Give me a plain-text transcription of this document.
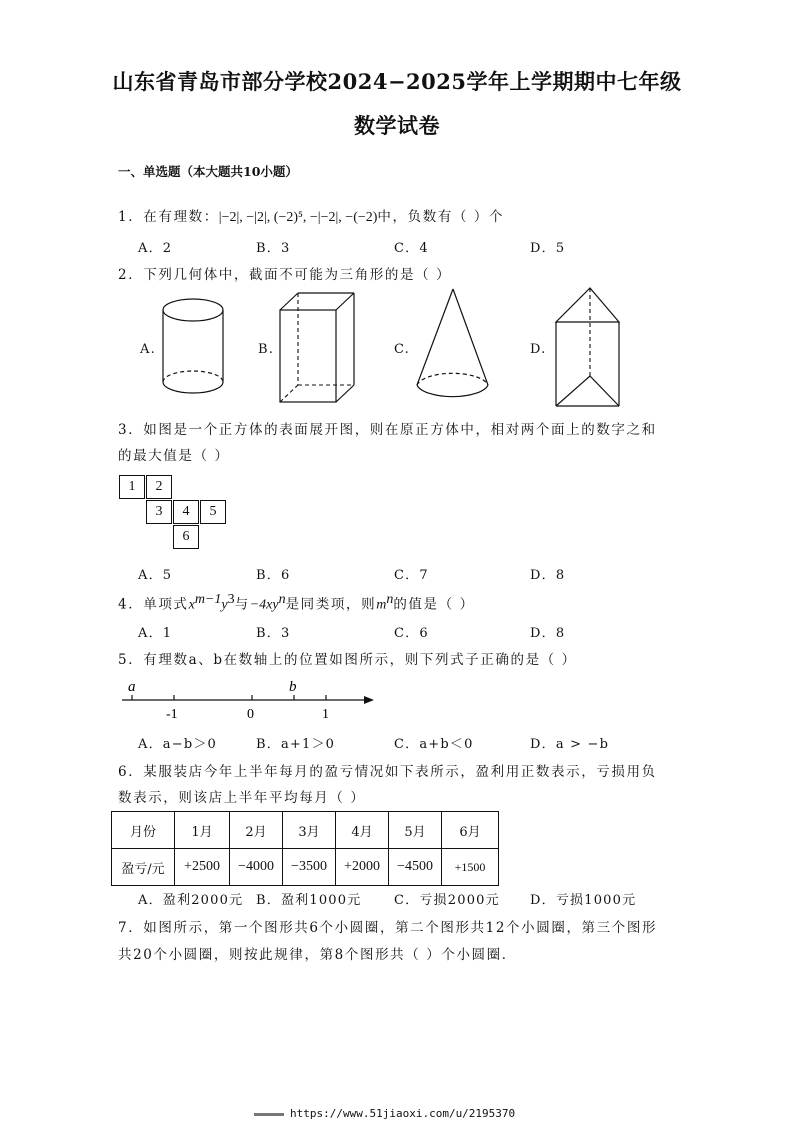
山东省青岛市部分学校2024−2025学年上学期期中七年级
数学试卷
一、单选题（本大题共10小题）
1．在有理数：|−2|, −|2|, (−2)⁵, −|−2|, −(−2)中，负数有（ ）个
A．2	B．3	C．4	D．5
2．下列几何体中，截面不可能为三角形的是（ ）
A.	B.	C.	D.
3．如图是一个正方体的表面展开图，则在原正方体中，相对两个面上的数字之和
的最大值是（ ）
1	2
3	4	5
6
A．5	B．6	C．7	D．8
4．单项式$x^{m-1}y^3$与$-4xy^n$是同类项，则$m^n$的值是（ ）
A．1	B．3	C．6	D．8
5．有理数a、b在数轴上的位置如图所示，则下列式子正确的是（ ）
a	b
-1	0	1
A．a−b＞0	B．a+1＞0	C．a+b＜0	D．a > −b
6．某服装店今年上半年每月的盈亏情况如下表所示，盈利用正数表示，亏损用负
数表示，则该店上半年平均每月（ ）
月份	1月	2月	3月	4月	5月	6月
盈亏/元	+2500	−4000	−3500	+2000	−4500	+1500
A．盈利2000元 B．盈利1000元	C．亏损2000元 D．亏损1000元
7．如图所示，第一个图形共6个小圆圈，第二个图形共12个小圆圈，第三个图形
共20个小圆圈，则按此规律，第8个图形共（ ）个小圆圈．
https://www.51jiaoxi.com/u/2195370
